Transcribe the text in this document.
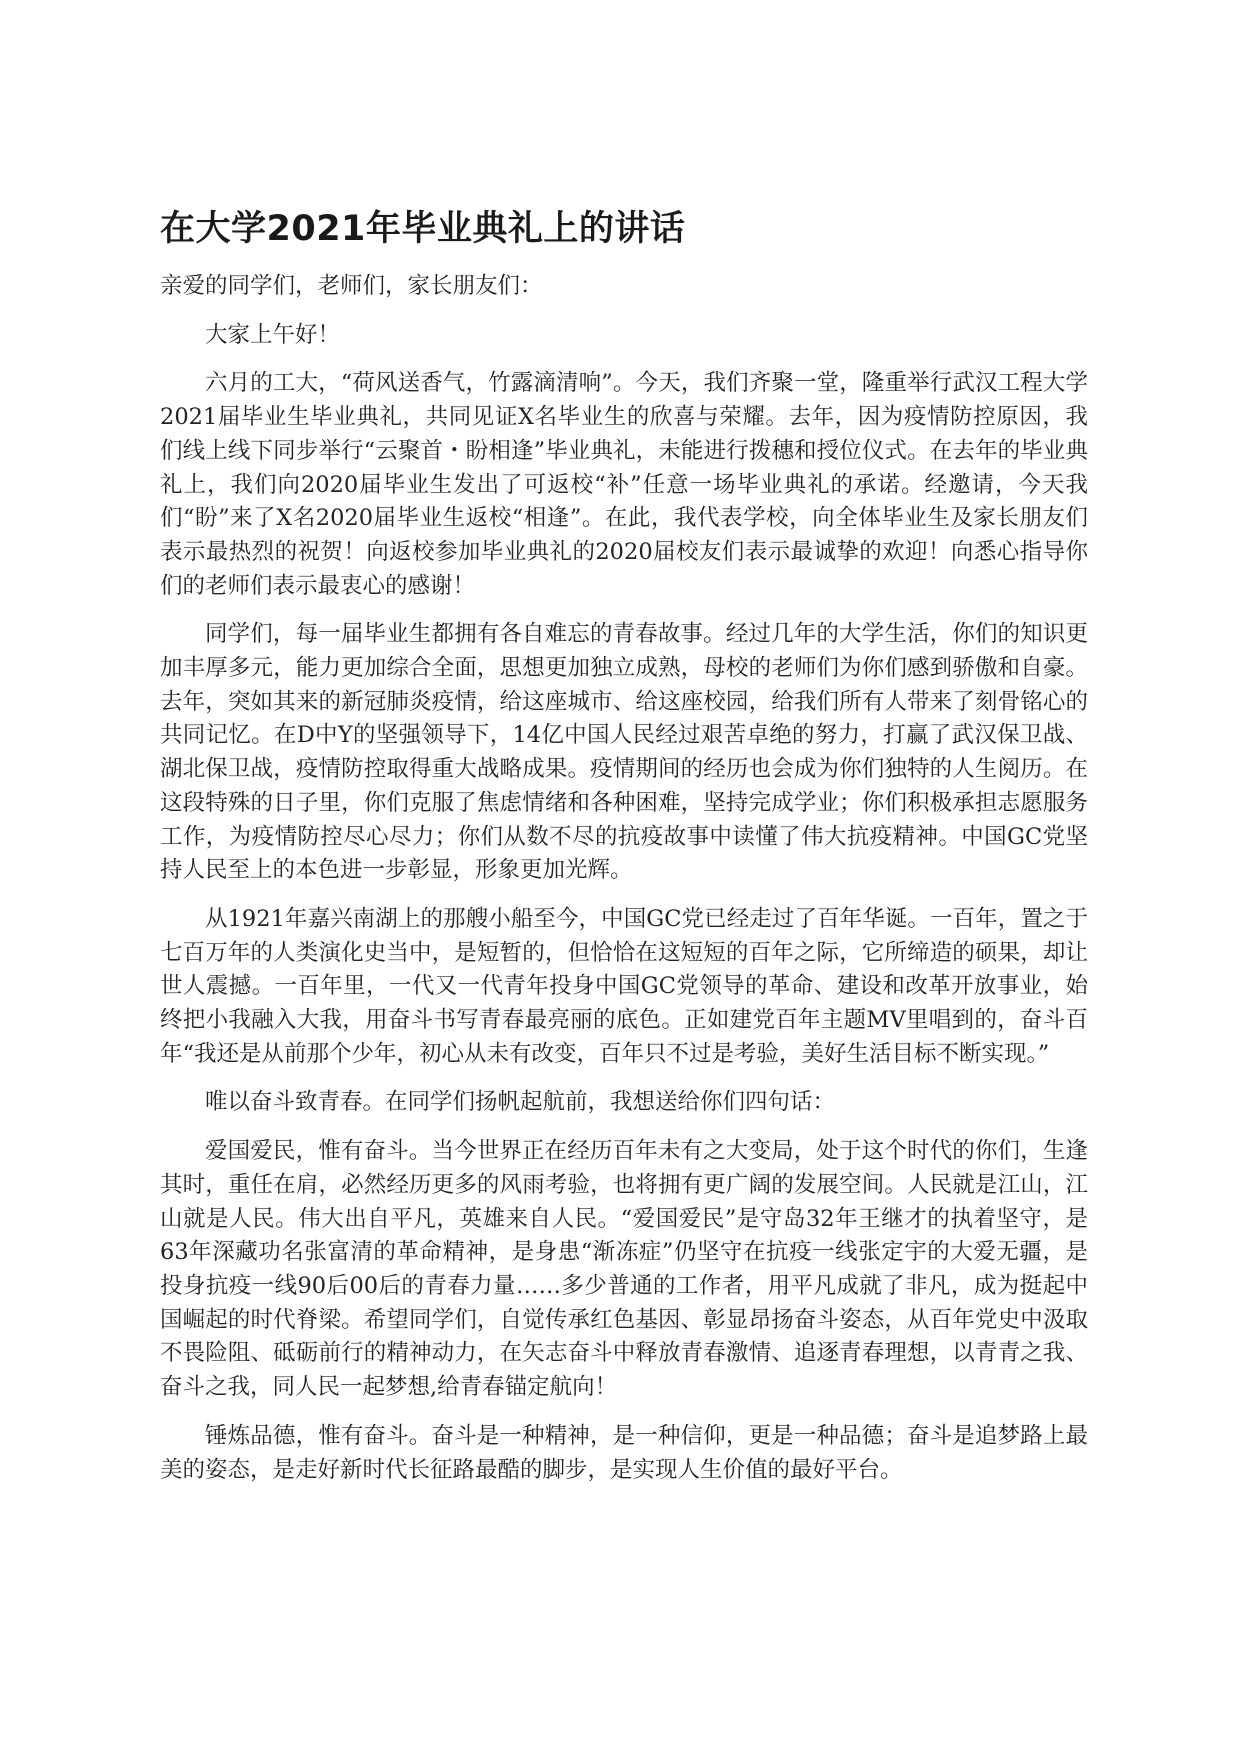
在大学2021年毕业典礼上的讲话

亲爱的同学们，老师们，家长朋友们：

大家上午好！

六月的工大，“荷风送香气，竹露滴清响”。今天，我们齐聚一堂，隆重举行武汉工程大学2021届毕业生毕业典礼，共同见证X名毕业生的欣喜与荣耀。去年，因为疫情防控原因，我们线上线下同步举行“云聚首・盼相逢”毕业典礼，未能进行拨穗和授位仪式。在去年的毕业典礼上，我们向2020届毕业生发出了可返校“补”任意一场毕业典礼的承诺。经邀请，今天我们“盼”来了X名2020届毕业生返校“相逢”。在此，我代表学校，向全体毕业生及家长朋友们表示最热烈的祝贺！向返校参加毕业典礼的2020届校友们表示最诚挚的欢迎！向悉心指导你们的老师们表示最衷心的感谢！

同学们，每一届毕业生都拥有各自难忘的青春故事。经过几年的大学生活，你们的知识更加丰厚多元，能力更加综合全面，思想更加独立成熟，母校的老师们为你们感到骄傲和自豪。去年，突如其来的新冠肺炎疫情，给这座城市、给这座校园，给我们所有人带来了刻骨铭心的共同记忆。在D中Y的坚强领导下，14亿中国人民经过艰苦卓绝的努力，打赢了武汉保卫战、湖北保卫战，疫情防控取得重大战略成果。疫情期间的经历也会成为你们独特的人生阅历。在这段特殊的日子里，你们克服了焦虑情绪和各种困难，坚持完成学业；你们积极承担志愿服务工作，为疫情防控尽心尽力；你们从数不尽的抗疫故事中读懂了伟大抗疫精神。中国GC党坚持人民至上的本色进一步彰显，形象更加光辉。

从1921年嘉兴南湖上的那艘小船至今，中国GC党已经走过了百年华诞。一百年，置之于七百万年的人类演化史当中，是短暂的，但恰恰在这短短的百年之际，它所缔造的硕果，却让世人震撼。一百年里，一代又一代青年投身中国GC党领导的革命、建设和改革开放事业，始终把小我融入大我，用奋斗书写青春最亮丽的底色。正如建党百年主题MV里唱到的，奋斗百年“我还是从前那个少年，初心从未有改变，百年只不过是考验，美好生活目标不断实现。”

唯以奋斗致青春。在同学们扬帆起航前，我想送给你们四句话：

爱国爱民，惟有奋斗。当今世界正在经历百年未有之大变局，处于这个时代的你们，生逢其时，重任在肩，必然经历更多的风雨考验，也将拥有更广阔的发展空间。人民就是江山，江山就是人民。伟大出自平凡，英雄来自人民。“爱国爱民”是守岛32年王继才的执着坚守，是63年深藏功名张富清的革命精神，是身患“渐冻症”仍坚守在抗疫一线张定宇的大爱无疆，是投身抗疫一线90后00后的青春力量……多少普通的工作者，用平凡成就了非凡，成为挺起中国崛起的时代脊梁。希望同学们，自觉传承红色基因、彰显昂扬奋斗姿态，从百年党史中汲取不畏险阻、砥砺前行的精神动力，在矢志奋斗中释放青春激情、追逐青春理想，以青青之我、奋斗之我，同人民一起梦想,给青春锚定航向！

锤炼品德，惟有奋斗。奋斗是一种精神，是一种信仰，更是一种品德；奋斗是追梦路上最美的姿态，是走好新时代长征路最酷的脚步，是实现人生价值的最好平台。
